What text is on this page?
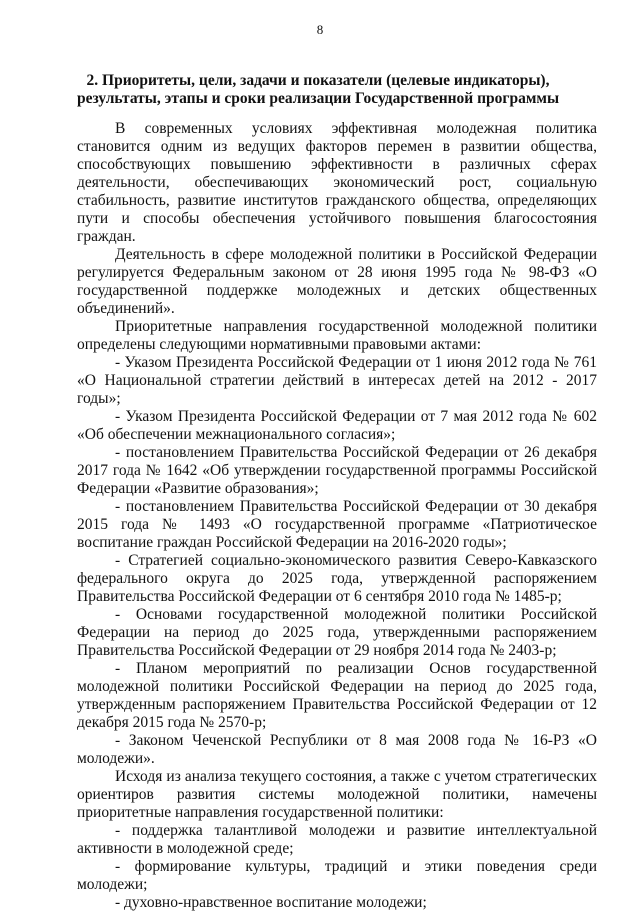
8
2. Приоритеты, цели, задачи и показатели (целевые индикаторы),
результаты, этапы и сроки реализации Государственной программы

В современных условиях эффективная молодежная политика становится одним из ведущих факторов перемен в развитии общества, способствующих повышению эффективности в различных сферах деятельности, обеспечивающих экономический рост, социальную стабильность, развитие институтов гражданского общества, определяющих пути и способы обеспечения устойчивого повышения благосостояния граждан.

Деятельность в сфере молодежной политики в Российской Федерации регулируется Федеральным законом от 28 июня 1995 года № 98-ФЗ «О государственной поддержке молодежных и детских общественных объединений».

Приоритетные направления государственной молодежной политики определены следующими нормативными правовыми актами:

- Указом Президента Российской Федерации от 1 июня 2012 года № 761 «О Национальной стратегии действий в интересах детей на 2012 - 2017 годы»;

- Указом Президента Российской Федерации от 7 мая 2012 года № 602 «Об обеспечении межнационального согласия»;

- постановлением Правительства Российской Федерации от 26 декабря 2017 года № 1642 «Об утверждении государственной программы Российской Федерации «Развитие образования»;

- постановлением Правительства Российской Федерации от 30 декабря 2015 года № 1493 «О государственной программе «Патриотическое воспитание граждан Российской Федерации на 2016-2020 годы»;

- Стратегией социально-экономического развития Северо-Кавказского федерального округа до 2025 года, утвержденной распоряжением Правительства Российской Федерации от 6 сентября 2010 года № 1485-р;

- Основами государственной молодежной политики Российской Федерации на период до 2025 года, утвержденными распоряжением Правительства Российской Федерации от 29 ноября 2014 года № 2403-р;

- Планом мероприятий по реализации Основ государственной молодежной политики Российской Федерации на период до 2025 года, утвержденным распоряжением Правительства Российской Федерации от 12 декабря 2015 года № 2570-р;

- Законом Чеченской Республики от 8 мая 2008 года № 16-РЗ «О молодежи».

Исходя из анализа текущего состояния, а также с учетом стратегических ориентиров развития системы молодежной политики, намечены приоритетные направления государственной политики:

- поддержка талантливой молодежи и развитие интеллектуальной активности в молодежной среде;

- формирование культуры, традиций и этики поведения среди молодежи;

- духовно-нравственное воспитание молодежи;
